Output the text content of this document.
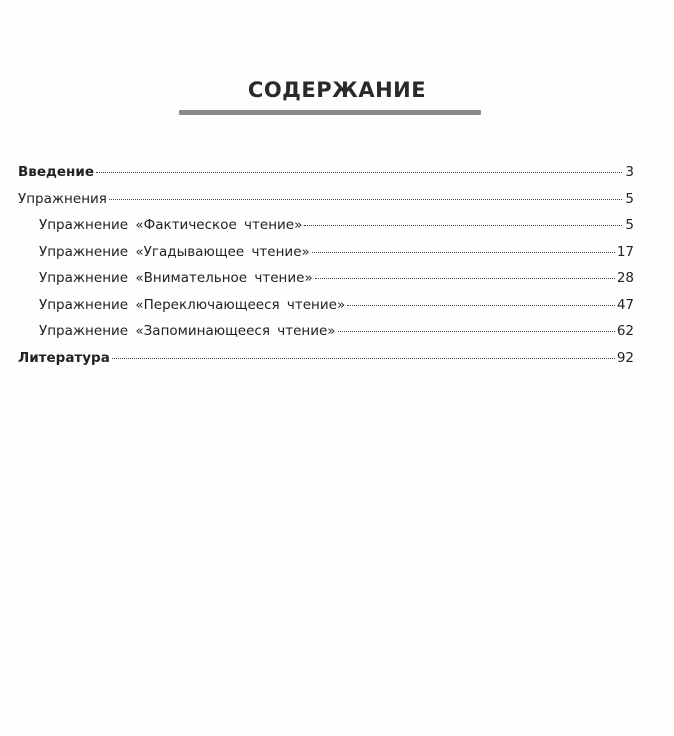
СОДЕРЖАНИЕ
Введение	3
Упражнения	5
Упражнение «Фактическое чтение»	5
Упражнение «Угадывающее чтение»	17
Упражнение «Внимательное чтение»	28
Упражнение «Переключающееся чтение»	47
Упражнение «Запоминающееся чтение»	62
Литература	92
